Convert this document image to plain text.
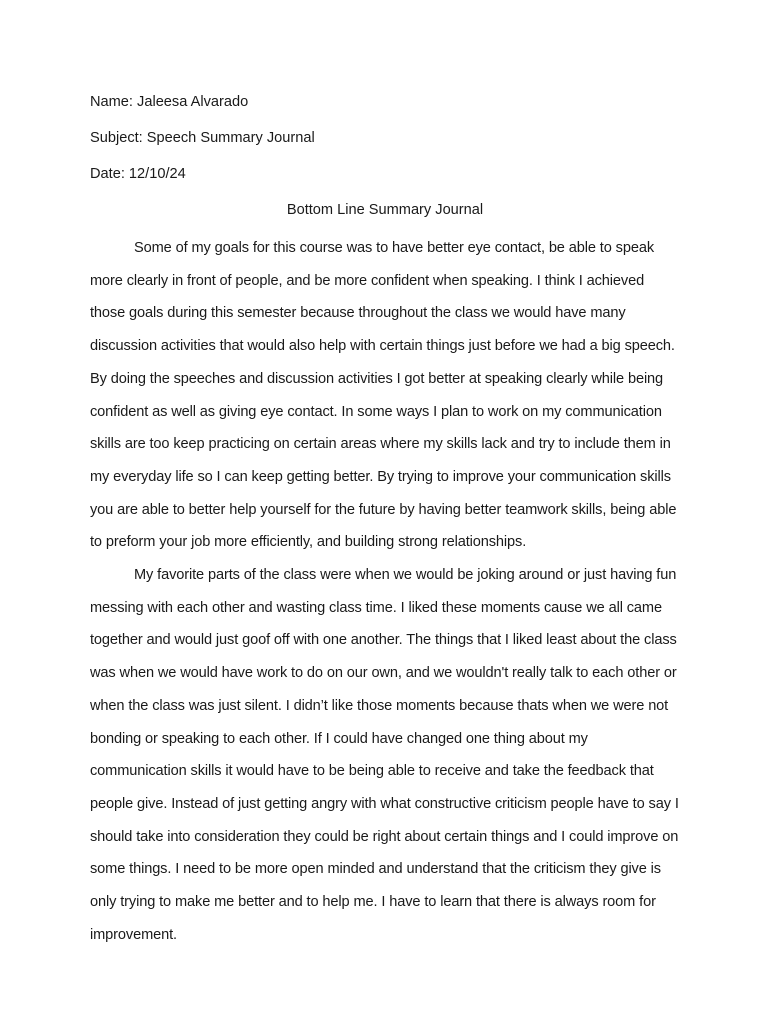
Name: Jaleesa Alvarado
Subject: Speech Summary Journal
Date: 12/10/24
Bottom Line Summary Journal

Some of my goals for this course was to have better eye contact, be able to speak more clearly in front of people, and be more confident when speaking. I think I achieved those goals during this semester because throughout the class we would have many discussion activities that would also help with certain things just before we had a big speech. By doing the speeches and discussion activities I got better at speaking clearly while being confident as well as giving eye contact. In some ways I plan to work on my communication skills are too keep practicing on certain areas where my skills lack and try to include them in my everyday life so I can keep getting better. By trying to improve your communication skills you are able to better help yourself for the future by having better teamwork skills, being able to preform your job more efficiently, and building strong relationships.

My favorite parts of the class were when we would be joking around or just having fun messing with each other and wasting class time. I liked these moments cause we all came together and would just goof off with one another. The things that I liked least about the class was when we would have work to do on our own, and we wouldn't really talk to each other or when the class was just silent. I didn’t like those moments because thats when we were not bonding or speaking to each other. If I could have changed one thing about my communication skills it would have to be being able to receive and take the feedback that people give. Instead of just getting angry with what constructive criticism people have to say I should take into consideration they could be right about certain things and I could improve on some things. I need to be more open minded and understand that the criticism they give is only trying to make me better and to help me. I have to learn that there is always room for improvement.
